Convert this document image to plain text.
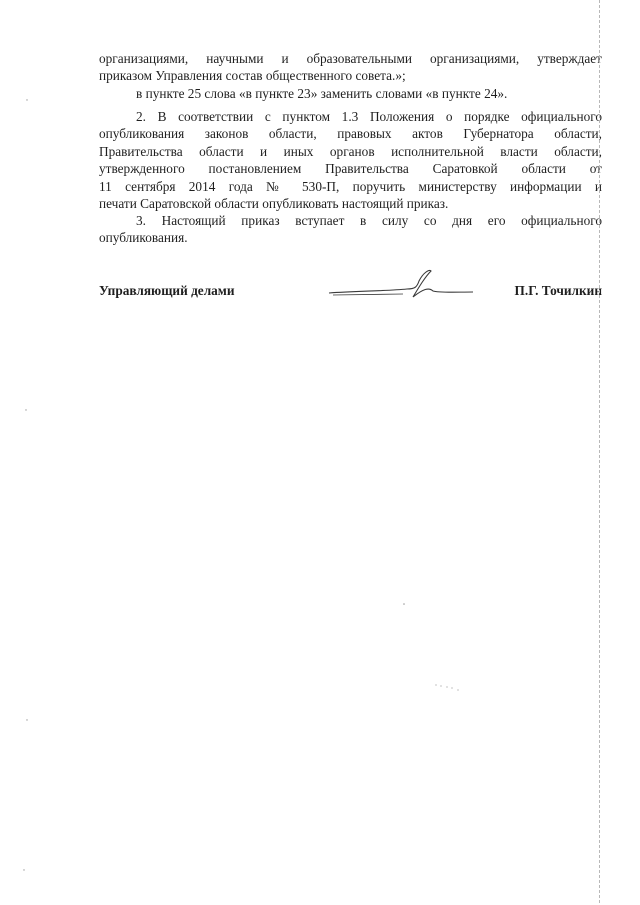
организациями, научными и образовательными организациями, утверждает
приказом Управления состав общественного совета.»;
в пункте 25 слова «в пункте 23» заменить словами «в пункте 24».
2. В соответствии с пунктом 1.3 Положения о порядке официального
опубликования законов области, правовых актов Губернатора области,
Правительства области и иных органов исполнительной власти области,
утвержденного постановлением Правительства Саратовкой области от
11 сентября 2014 года № 530-П, поручить министерству информации и
печати Саратовской области опубликовать настоящий приказ.
3. Настоящий приказ вступает в силу со дня его официального
опубликования.
Управляющий делами	П.Г. Точилкин
